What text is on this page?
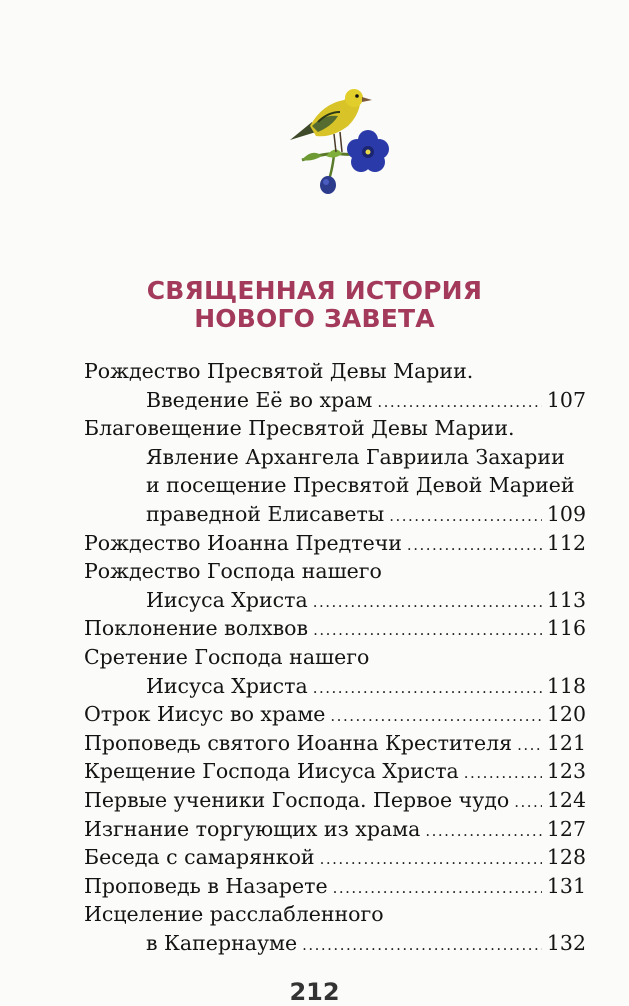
СВЯЩЕННАЯ ИСТОРИЯ
НОВОГО ЗАВЕТА
Рождество Пресвятой Девы Марии.
Введение Её во храм .....	107
Благовещение Пресвятой Девы Марии.
Явление Архангела Гавриила Захарии
и посещение Пресвятой Девой Марией
праведной Елисаветы .....	109
Рождество Иоанна Предтечи .....	112
Рождество Господа нашего
Иисуса Христа .....	113
Поклонение волхвов .....	116
Сретение Господа нашего
Иисуса Христа .....	118
Отрок Иисус во храме .....	120
Проповедь святого Иоанна Крестителя ..... 121
Крещение Господа Иисуса Христа .....	123
Первые ученики Господа. Первое чудо ..... 124
Изгнание торгующих из храма .....	127
Беседа с самарянкой .....	128
Проповедь в Назарете .....	131
Исцеление расслабленного
в Капернауме .....	132
212
